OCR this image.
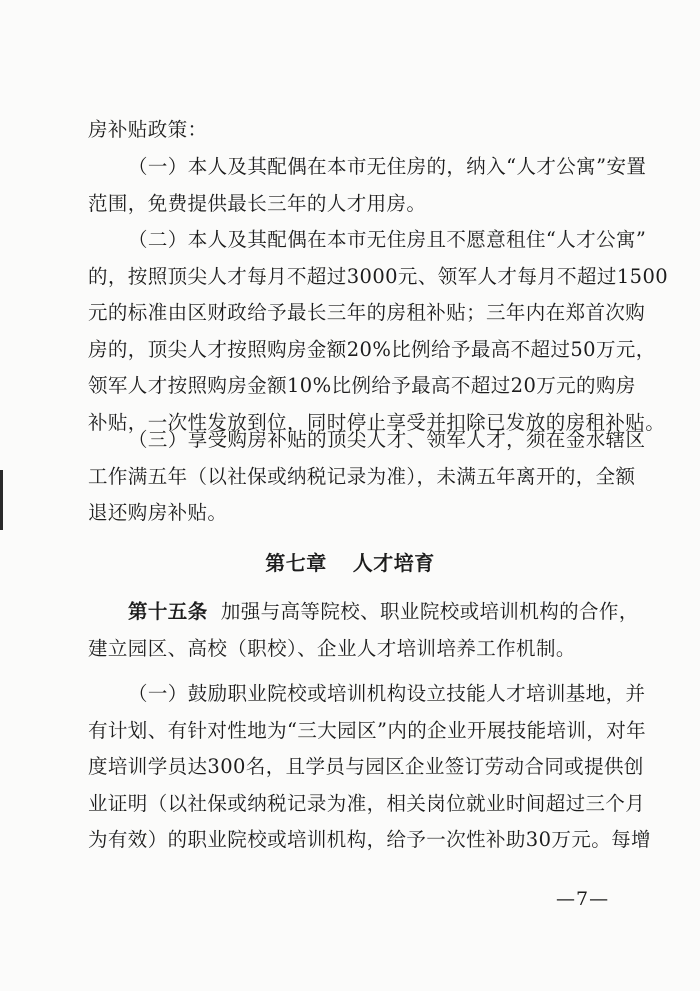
房补贴政策：

（一）本人及其配偶在本市无住房的，纳入“人才公寓”安置
范围，免费提供最长三年的人才用房。

（二）本人及其配偶在本市无住房且不愿意租住“人才公寓”
的，按照顶尖人才每月不超过3000元、领军人才每月不超过1500
元的标准由区财政给予最长三年的房租补贴；三年内在郑首次购
房的，顶尖人才按照购房金额20%比例给予最高不超过50万元，
领军人才按照购房金额10%比例给予最高不超过20万元的购房
补贴，一次性发放到位，同时停止享受并扣除已发放的房租补贴。

（三）享受购房补贴的顶尖人才、领军人才，须在金水辖区
工作满五年（以社保或纳税记录为准），未满五年离开的，全额
退还购房补贴。

第七章 人才培育

第十五条 加强与高等院校、职业院校或培训机构的合作，
建立园区、高校（职校）、企业人才培训培养工作机制。

（一）鼓励职业院校或培训机构设立技能人才培训基地，并
有计划、有针对性地为“三大园区”内的企业开展技能培训，对年
度培训学员达300名，且学员与园区企业签订劳动合同或提供创
业证明（以社保或纳税记录为准，相关岗位就业时间超过三个月
为有效）的职业院校或培训机构，给予一次性补助30万元。每增

—7—
